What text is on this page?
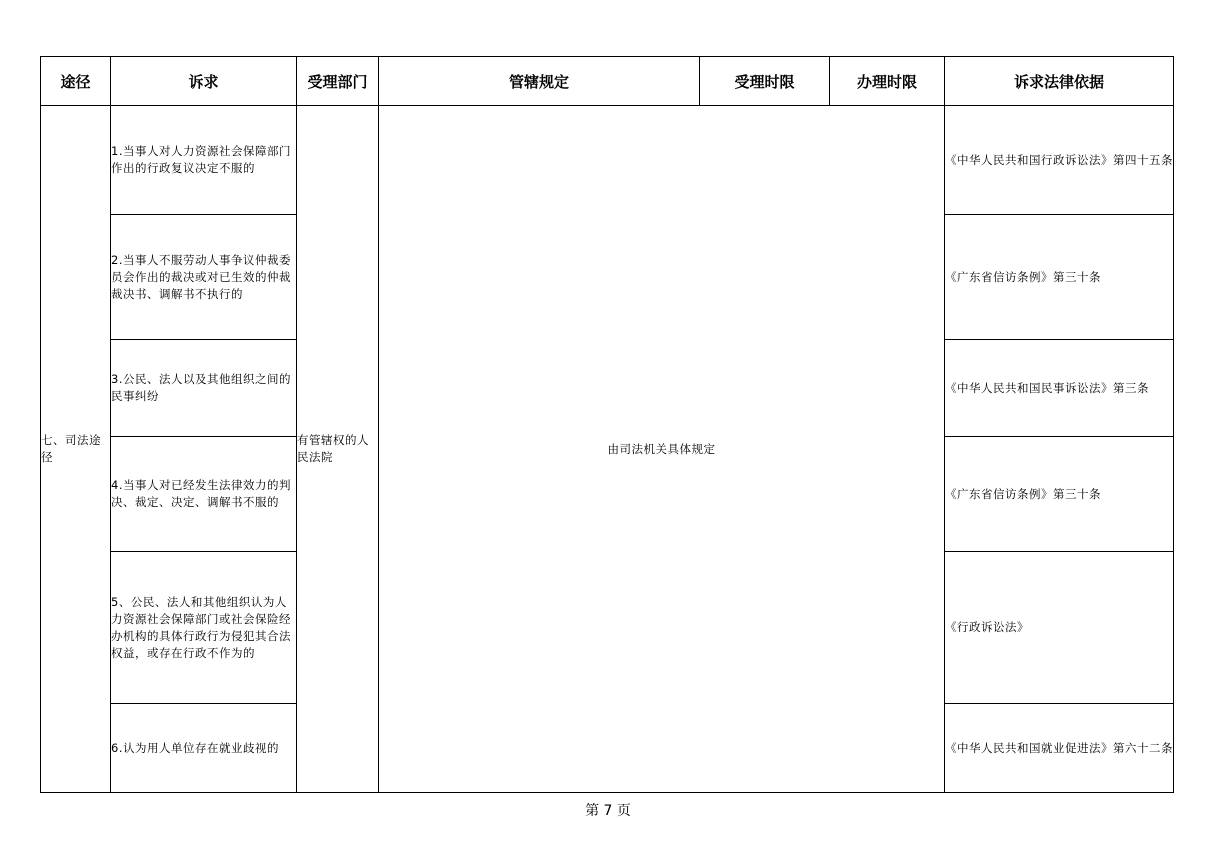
途径	诉求	受理部门	管辖规定	受理时限	办理时限	诉求法律依据
七、司法途径	1.当事人对人力资源社会保障部门作出的行政复议决定不服的	有管辖权的人民法院	由司法机关具体规定			《中华人民共和国行政诉讼法》第四十五条
	2.当事人不服劳动人事争议仲裁委员会作出的裁决或对已生效的仲裁裁决书、调解书不执行的					《广东省信访条例》第三十条
	3.公民、法人以及其他组织之间的民事纠纷					《中华人民共和国民事诉讼法》第三条
	4.当事人对已经发生法律效力的判决、裁定、决定、调解书不服的					《广东省信访条例》第三十条
	5、公民、法人和其他组织认为人力资源社会保障部门或社会保险经办机构的具体行政行为侵犯其合法权益，或存在行政不作为的					《行政诉讼法》
	6.认为用人单位存在就业歧视的					《中华人民共和国就业促进法》第六十二条
第 7 页
